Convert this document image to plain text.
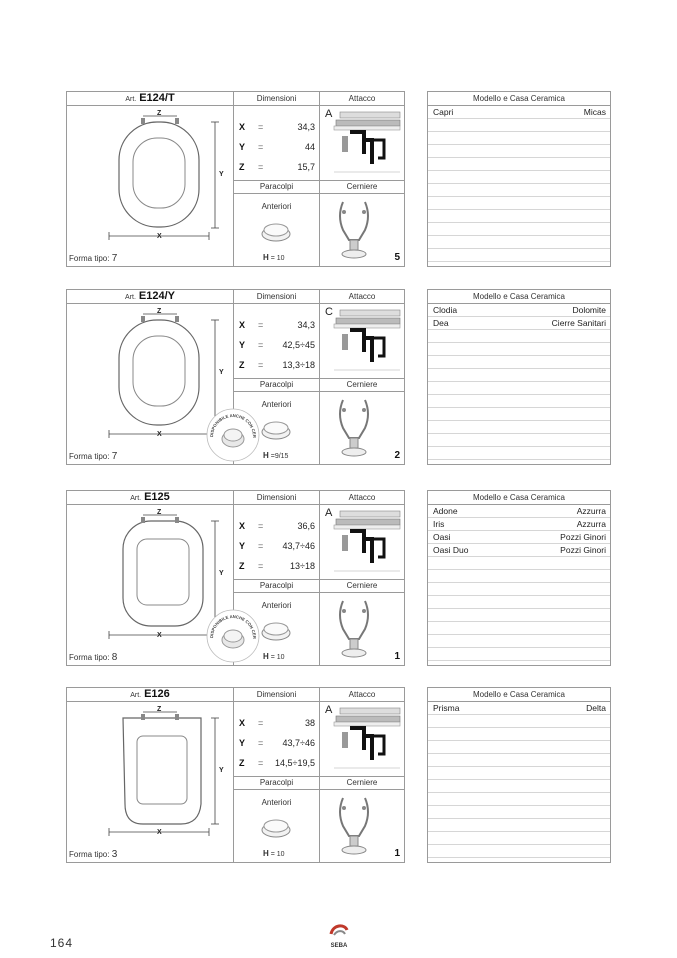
Art. E124/T	Dimensioni	Attacco
X
Y
Z
X =	34,3
Y =	44
Z =	15,7
A
Paracolpi	Cerniere
Anteriori
H = 10	5
Forma tipo: 7
Modello e Casa Ceramica
Capri	Micas
Art. E124/Y	Dimensioni	Attacco
X
Y
Z
X =	34,3
Y = 42,5÷45
Z = 13,3÷18
C
Paracolpi	Cerniere
Anteriori
DISPONIBILE ANCHE CON CER
H =9/15	2
Forma tipo: 7
Modello e Casa Ceramica
Clodia	Dolomite
Dea	Cierre Sanitari
Art. E125	Dimensioni	Attacco
X
Y
Z
X =	36,6
Y = 43,7÷46
Z =	13÷18
A
Paracolpi	Cerniere
Anteriori
DISPONIBILE ANCHE CON CER
H = 10	1
Forma tipo: 8
Modello e Casa Ceramica
Adone	Azzurra
Iris	Azzurra
Oasi	Pozzi Ginori
Oasi Duo	Pozzi Ginori
Art. E126	Dimensioni	Attacco
X
Y
Z
X =	38
Y = 43,7÷46
Z = 14,5÷19,5
A
Paracolpi	Cerniere
Anteriori
H = 10	1
Forma tipo: 3
Modello e Casa Ceramica
Prisma	Delta
164	SEBA
